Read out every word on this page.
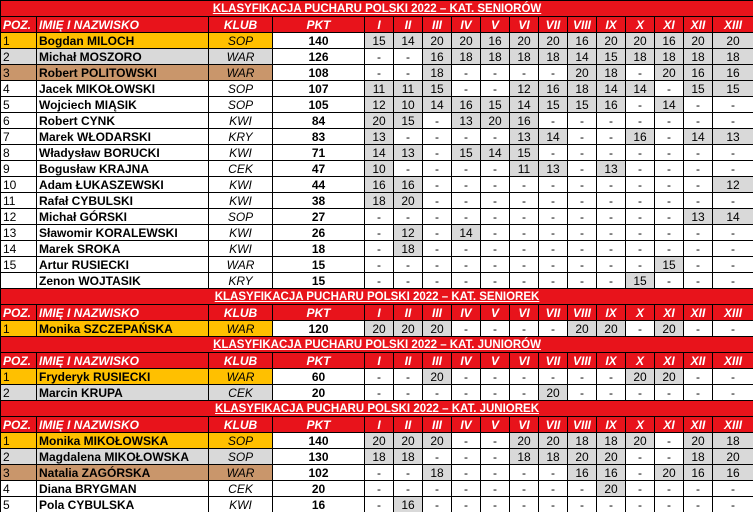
KLASYFIKACJA PUCHARU POLSKI 2022 – KAT. SENIORÓW																
POZ.	IMIĘ I NAZWISKO	KLUB	PKT	I	II	III	IV	V	VI	VII	VIII	IX	X	XI	XII	XIII
1	Bogdan MILOCH	SOP	140	15	14	20	20	16	20	20	16	20	20	16	20	20
2	Michał MOSZORO	WAR	126	-	-	16	18	18	18	18	14	15	18	18	18	18
3	Robert POLITOWSKI	WAR	108	-	-	18	-	-	-	-	20	18	-	20	16	16
4	Jacek MIKOŁOWSKI	SOP	107	11	11	15	-	-	12	16	18	14	14	-	15	15
5	Wojciech MIĄSIK	SOP	105	12	10	14	16	15	14	15	15	16	-	14	-	-
6	Robert CYNK	KWI	84	20	15	-	13	20	16	-	-	-	-	-	-	-
7	Marek WŁODARSKI	KRY	83	13	-	-	-	-	13	14	-	-	16	-	14	13
8	Władysław BORUCKI	KWI	71	14	13	-	15	14	15	-	-	-	-	-	-	-
9	Bogusław KRAJNA	CEK	47	10	-	-	-	-	11	13	-	13	-	-	-	-
10	Adam ŁUKASZEWSKI	KWI	44	16	16	-	-	-	-	-	-	-	-	-	-	12
11	Rafał CYBULSKI	KWI	38	18	20	-	-	-	-	-	-	-	-	-	-	-
12	Michał GÓRSKI	SOP	27	-	-	-	-	-	-	-	-	-	-	-	13	14
13	Sławomir KORALEWSKI	KWI	26	-	12	-	14	-	-	-	-	-	-	-	-	-
14	Marek SROKA	KWI	18	-	18	-	-	-	-	-	-	-	-	-	-	-
15	Artur RUSIECKI	WAR	15	-	-	-	-	-	-	-	-	-	-	15	-	-
	Zenon WOJTASIK	KRY	15	-	-	-	-	-	-	-	-	-	15	-	-	-
KLASYFIKACJA PUCHARU POLSKI 2022 – KAT. SENIOREK																
POZ.	IMIĘ I NAZWISKO	KLUB	PKT	I	II	III	IV	V	VI	VII	VIII	IX	X	XI	XII	XIII
1	Monika SZCZEPAŃSKA	WAR	120	20	20	20	-	-	-	-	20	20	-	20	-	-
KLASYFIKACJA PUCHARU POLSKI 2022 – KAT. JUNIORÓW																
POZ.	IMIĘ I NAZWISKO	KLUB	PKT	I	II	III	IV	V	VI	VII	VIII	IX	X	XI	XII	XIII
1	Fryderyk RUSIECKI	WAR	60	-	-	20	-	-	-	-	-	-	20	20	-	-
2	Marcin KRUPA	CEK	20	-	-	-	-	-	-	20	-	-	-	-	-	-
KLASYFIKACJA PUCHARU POLSKI 2022 – KAT. JUNIOREK																
POZ.	IMIĘ I NAZWISKO	KLUB	PKT	I	II	III	IV	V	VI	VII	VIII	IX	X	XI	XII	XIII
1	Monika MIKOŁOWSKA	SOP	140	20	20	20	-	-	20	20	18	18	20	-	20	18
2	Magdalena MIKOŁOWSKA	SOP	130	18	18	-	-	-	18	18	20	20	-	-	18	20
3	Natalia ZAGÓRSKA	WAR	102	-	-	18	-	-	-	-	16	16	-	20	16	16
4	Diana BRYGMAN	CEK	20	-	-	-	-	-	-	-	-	20	-	-	-	-
5	Pola CYBULSKA	KWI	16	-	16	-	-	-	-	-	-	-	-	-	-	-
